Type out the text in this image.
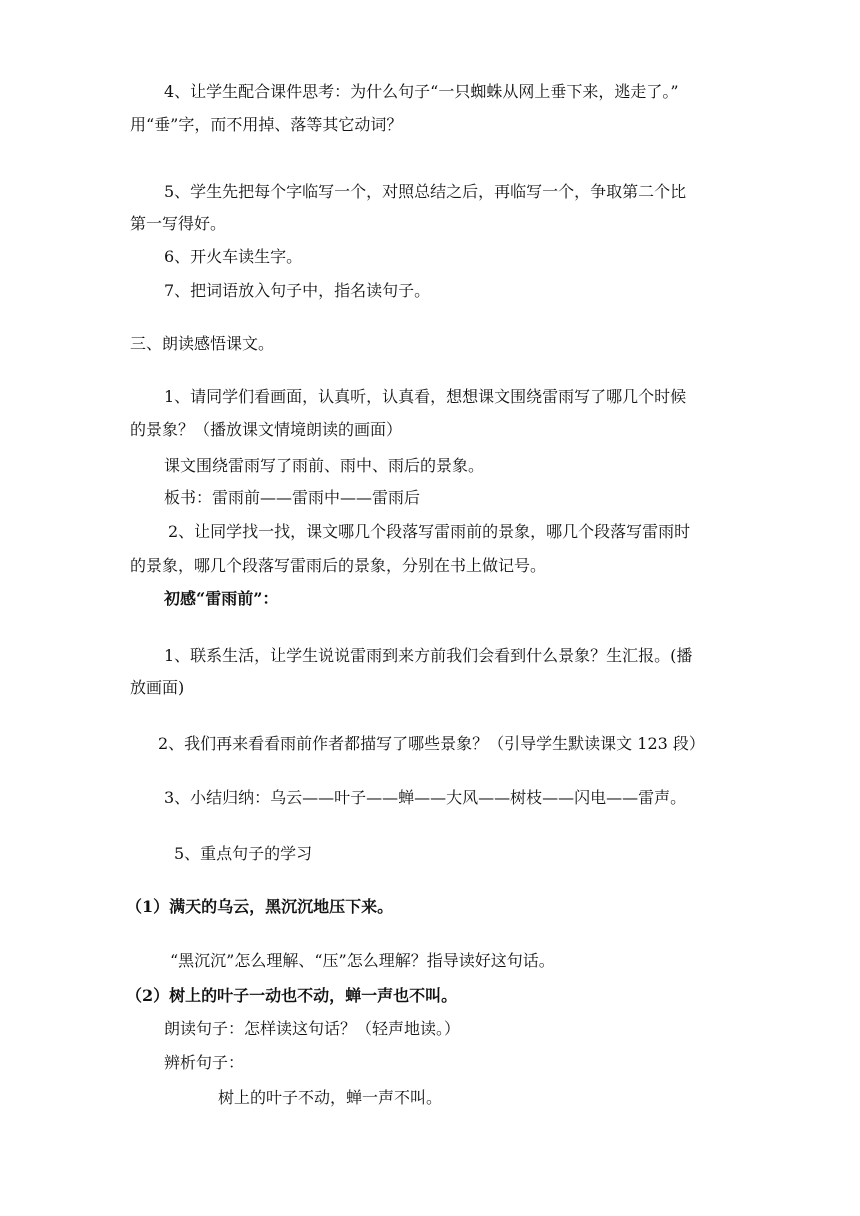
4、让学生配合课件思考：为什么句子“一只蜘蛛从网上垂下来，逃走了。”
用“垂”字，而不用掉、落等其它动词？
5、学生先把每个字临写一个，对照总结之后，再临写一个，争取第二个比
第一写得好。
6、开火车读生字。
7、把词语放入句子中，指名读句子。
三、朗读感悟课文。
1、请同学们看画面，认真听，认真看，想想课文围绕雷雨写了哪几个时候
的景象？（播放课文情境朗读的画面）
课文围绕雷雨写了雨前、雨中、雨后的景象。
板书：雷雨前——雷雨中——雷雨后
2、让同学找一找，课文哪几个段落写雷雨前的景象，哪几个段落写雷雨时
的景象，哪几个段落写雷雨后的景象，分别在书上做记号。
初感“雷雨前”：
1、联系生活，让学生说说雷雨到来方前我们会看到什么景象？生汇报。(播
放画面)
2、我们再来看看雨前作者都描写了哪些景象？（引导学生默读课文 123 段）
3、小结归纳：乌云——叶子——蝉——大风——树枝——闪电——雷声。
5、重点句子的学习
（1）满天的乌云，黑沉沉地压下来。
“黑沉沉”怎么理解、“压”怎么理解？指导读好这句话。
（2）树上的叶子一动也不动，蝉一声也不叫。
朗读句子：怎样读这句话？（轻声地读。）
辨析句子：
树上的叶子不动，蝉一声不叫。
